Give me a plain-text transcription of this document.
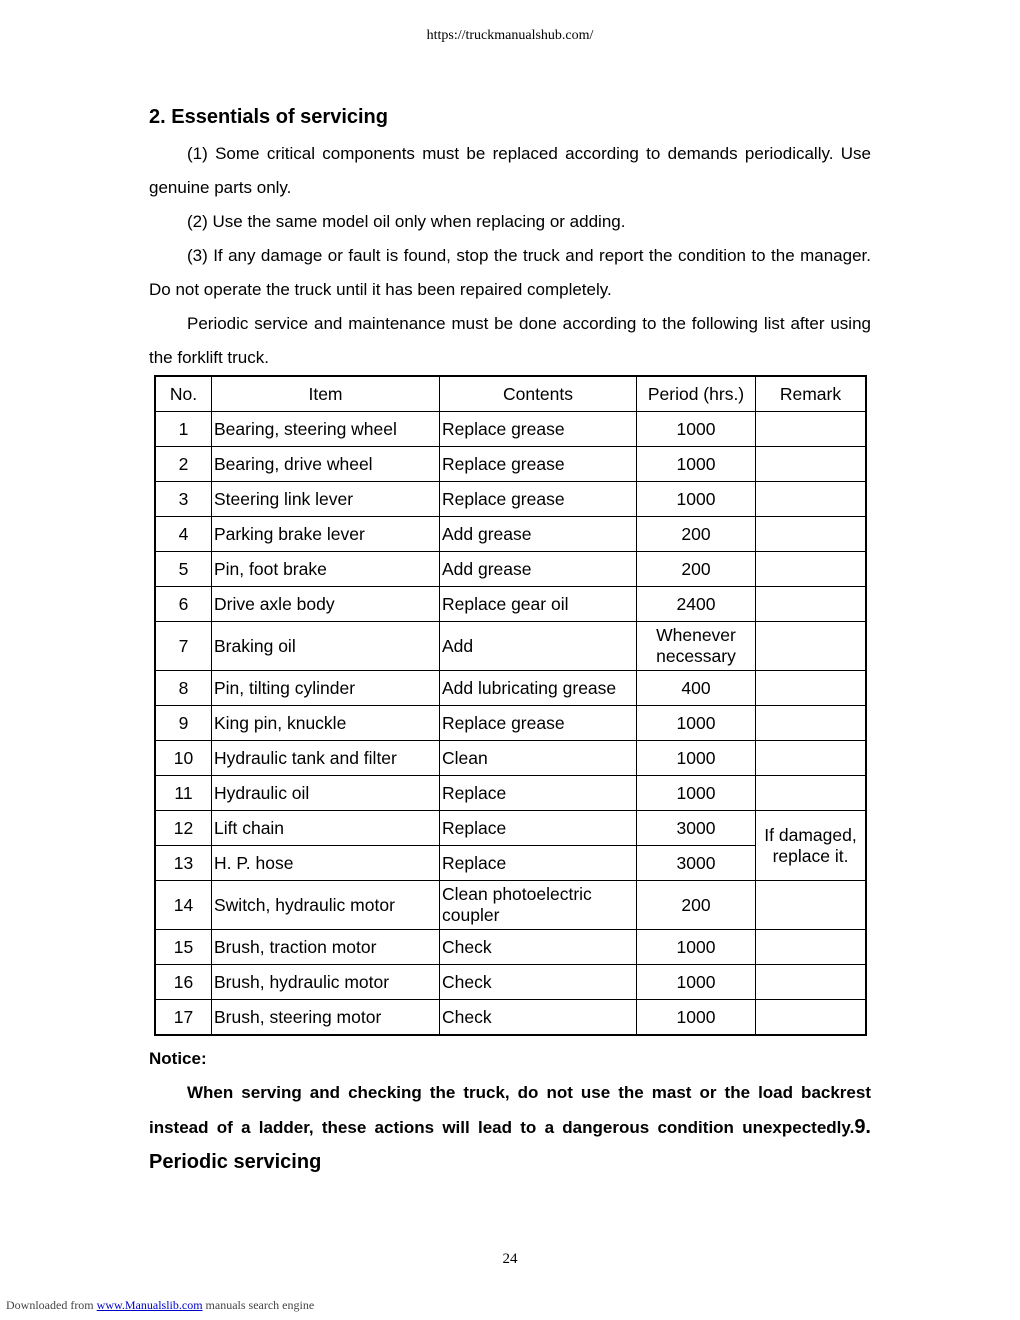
https://truckmanualshub.com/
2. Essentials of servicing

(1) Some critical components must be replaced according to demands periodically. Use genuine parts only.

(2) Use the same model oil only when replacing or adding.

(3) If any damage or fault is found, stop the truck and report the condition to the manager. Do not operate the truck until it has been repaired completely.

Periodic service and maintenance must be done according to the following list after using the forklift truck.

No.	Item	Contents	Period (hrs.)	Remark
1	Bearing, steering wheel	Replace grease	1000	
2	Bearing, drive wheel	Replace grease	1000	
3	Steering link lever	Replace grease	1000	
4	Parking brake lever	Add grease	200	
5	Pin, foot brake	Add grease	200	
6	Drive axle body	Replace gear oil	2400	
7	Braking oil	Add	Whenever necessary	
8	Pin, tilting cylinder	Add lubricating grease	400	
9	King pin, knuckle	Replace grease	1000	
10	Hydraulic tank and filter	Clean	1000	
11	Hydraulic oil	Replace	1000	
12	Lift chain	Replace	3000	If damaged, replace it.
13	H. P. hose	Replace	3000	
14	Switch, hydraulic motor	Clean photoelectric coupler	200	
15	Brush, traction motor	Check	1000	
16	Brush, hydraulic motor	Check	1000	
17	Brush, steering motor	Check	1000	
Notice:

When serving and checking the truck, do not use the mast or the load backrest instead of a ladder, these actions will lead to a dangerous condition unexpectedly.9. Periodic servicing

24
Downloaded from www.Manualslib.com manuals search engine
